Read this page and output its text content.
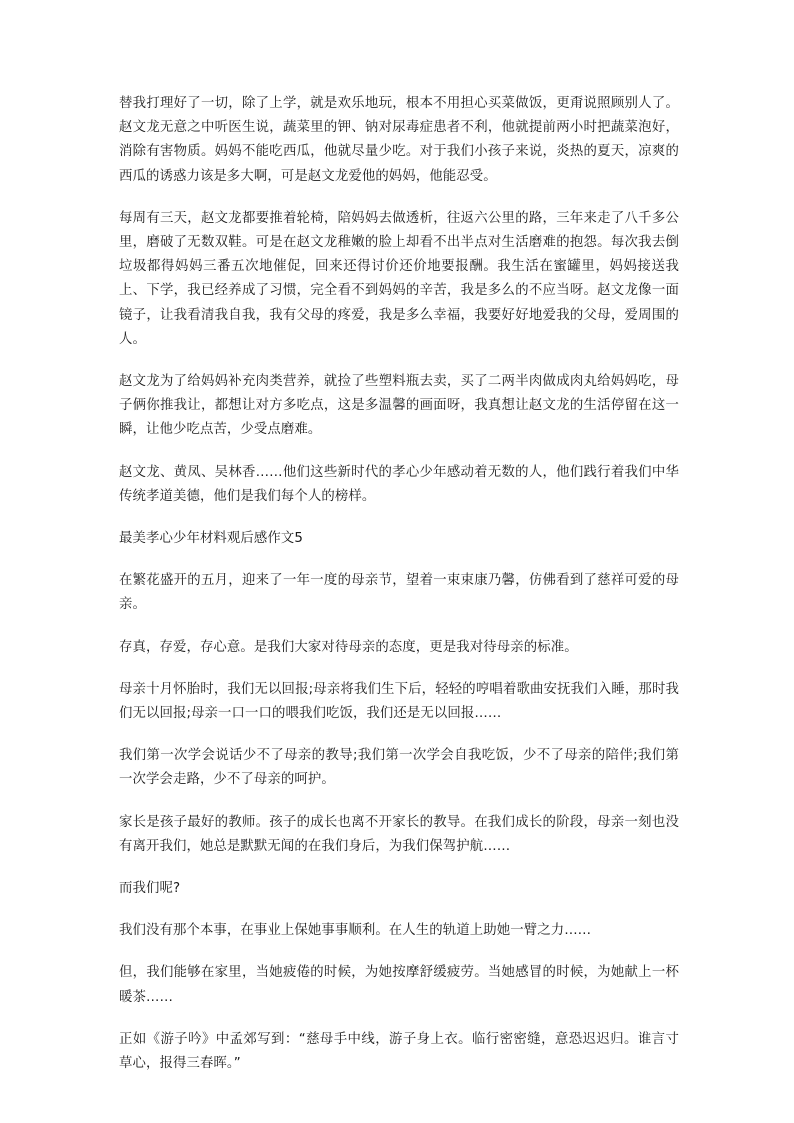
替我打理好了一切，除了上学，就是欢乐地玩，根本不用担心买菜做饭，更甭说照顾别人了。赵文龙无意之中听医生说，蔬菜里的钾、钠对尿毒症患者不利，他就提前两小时把蔬菜泡好，消除有害物质。妈妈不能吃西瓜，他就尽量少吃。对于我们小孩子来说，炎热的夏天，凉爽的西瓜的诱惑力该是多大啊，可是赵文龙爱他的妈妈，他能忍受。

每周有三天，赵文龙都要推着轮椅，陪妈妈去做透析，往返六公里的路，三年来走了八千多公里，磨破了无数双鞋。可是在赵文龙稚嫩的脸上却看不出半点对生活磨难的抱怨。每次我去倒垃圾都得妈妈三番五次地催促，回来还得讨价还价地要报酬。我生活在蜜罐里，妈妈接送我上、下学，我已经养成了习惯，完全看不到妈妈的辛苦，我是多么的不应当呀。赵文龙像一面镜子，让我看清我自我，我有父母的疼爱，我是多么幸福，我要好好地爱我的父母，爱周围的人。

赵文龙为了给妈妈补充肉类营养，就捡了些塑料瓶去卖，买了二两半肉做成肉丸给妈妈吃，母子俩你推我让，都想让对方多吃点，这是多温馨的画面呀，我真想让赵文龙的生活停留在这一瞬，让他少吃点苦，少受点磨难。

赵文龙、黄凤、吴林香……他们这些新时代的孝心少年感动着无数的人，他们践行着我们中华传统孝道美德，他们是我们每个人的榜样。

最美孝心少年材料观后感作文5

在繁花盛开的五月，迎来了一年一度的母亲节，望着一束束康乃馨，仿佛看到了慈祥可爱的母亲。

存真，存爱，存心意。是我们大家对待母亲的态度，更是我对待母亲的标准。

母亲十月怀胎时，我们无以回报;母亲将我们生下后，轻轻的哼唱着歌曲安抚我们入睡，那时我们无以回报;母亲一口一口的喂我们吃饭，我们还是无以回报……

我们第一次学会说话少不了母亲的教导;我们第一次学会自我吃饭，少不了母亲的陪伴;我们第一次学会走路，少不了母亲的呵护。

家长是孩子最好的教师。孩子的成长也离不开家长的教导。在我们成长的阶段，母亲一刻也没有离开我们，她总是默默无闻的在我们身后，为我们保驾护航……

而我们呢?

我们没有那个本事，在事业上保她事事顺利。在人生的轨道上助她一臂之力……

但，我们能够在家里，当她疲倦的时候，为她按摩舒缓疲劳。当她感冒的时候，为她献上一杯暖茶……

正如《游子吟》中孟郊写到：“慈母手中线，游子身上衣。临行密密缝，意恐迟迟归。谁言寸草心，报得三春晖。”
